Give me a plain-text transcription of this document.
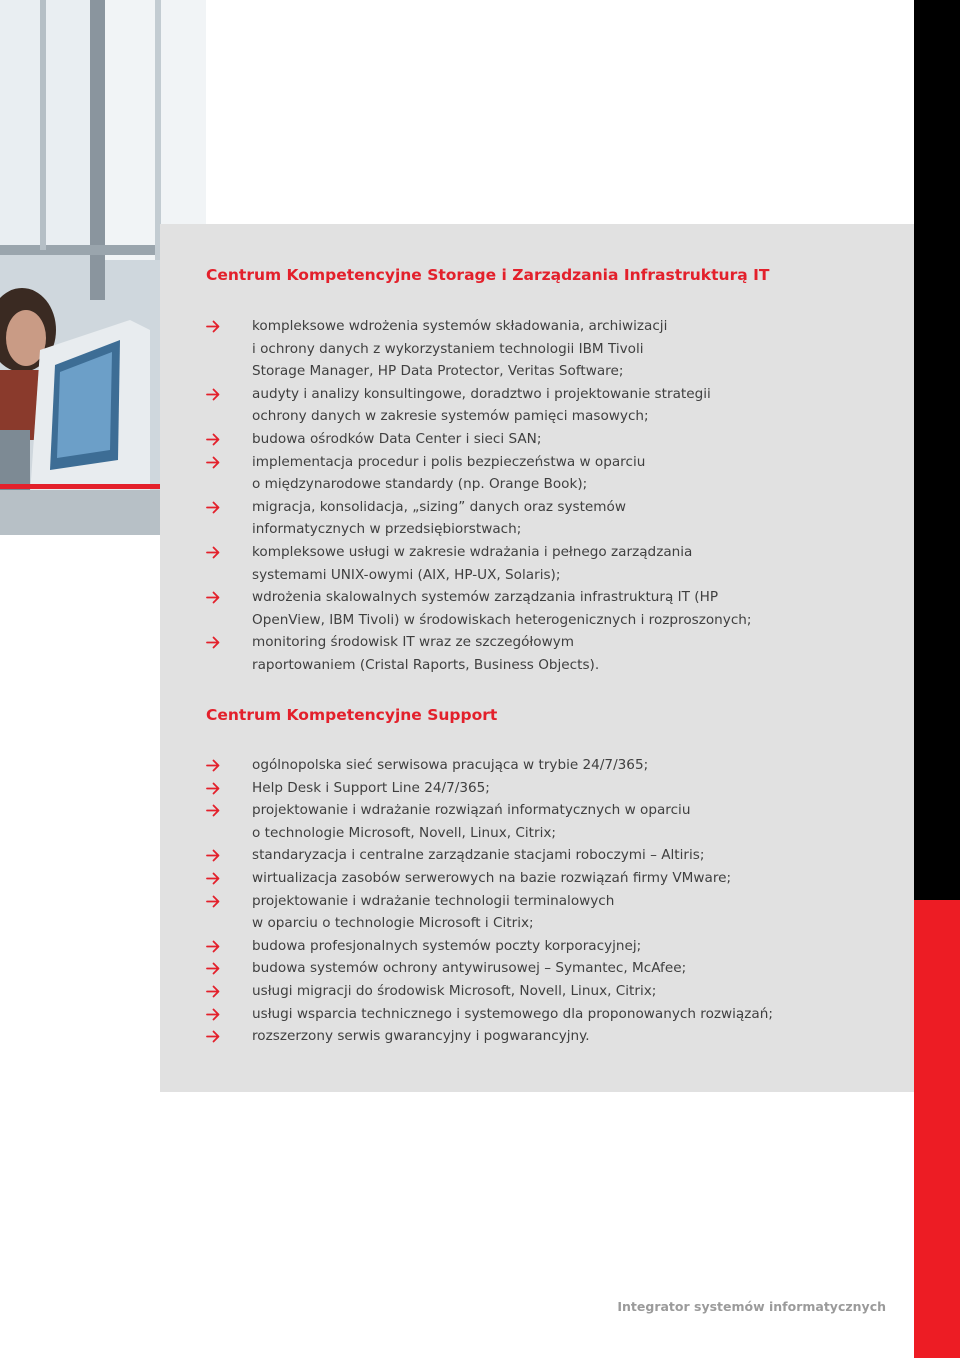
Centrum Kompetencyjne Storage i Zarządzania Infrastrukturą IT
kompleksowe wdrożenia systemów składowania, archiwizacji
i ochrony danych z wykorzystaniem technologii IBM Tivoli
Storage Manager, HP Data Protector, Veritas Software;
audyty i analizy konsultingowe, doradztwo i projektowanie strategii
ochrony danych w zakresie systemów pamięci masowych;
budowa ośrodków Data Center i sieci SAN;
implementacja procedur i polis bezpieczeństwa w oparciu
o międzynarodowe standardy (np. Orange Book);
migracja, konsolidacja, „sizing” danych oraz systemów
informatycznych w przedsiębiorstwach;
kompleksowe usługi w zakresie wdrażania i pełnego zarządzania
systemami UNIX-owymi (AIX, HP-UX, Solaris);
wdrożenia skalowalnych systemów zarządzania infrastrukturą IT (HP
OpenView, IBM Tivoli) w środowiskach heterogenicznych i rozproszonych;
monitoring środowisk IT wraz ze szczegółowym
raportowaniem (Cristal Raports, Business Objects).
Centrum Kompetencyjne Support
ogólnopolska sieć serwisowa pracująca w trybie 24/7/365;
Help Desk i Support Line 24/7/365;
projektowanie i wdrażanie rozwiązań informatycznych w oparciu
o technologie Microsoft, Novell, Linux, Citrix;
standaryzacja i centralne zarządzanie stacjami roboczymi – Altiris;
wirtualizacja zasobów serwerowych na bazie rozwiązań firmy VMware;
projektowanie i wdrażanie technologii terminalowych
w oparciu o technologie Microsoft i Citrix;
budowa profesjonalnych systemów poczty korporacyjnej;
budowa systemów ochrony antywirusowej – Symantec, McAfee;
usługi migracji do środowisk Microsoft, Novell, Linux, Citrix;
usługi wsparcia technicznego i systemowego dla proponowanych rozwiązań;
rozszerzony serwis gwarancyjny i pogwarancyjny.

Integrator systemów informatycznych
